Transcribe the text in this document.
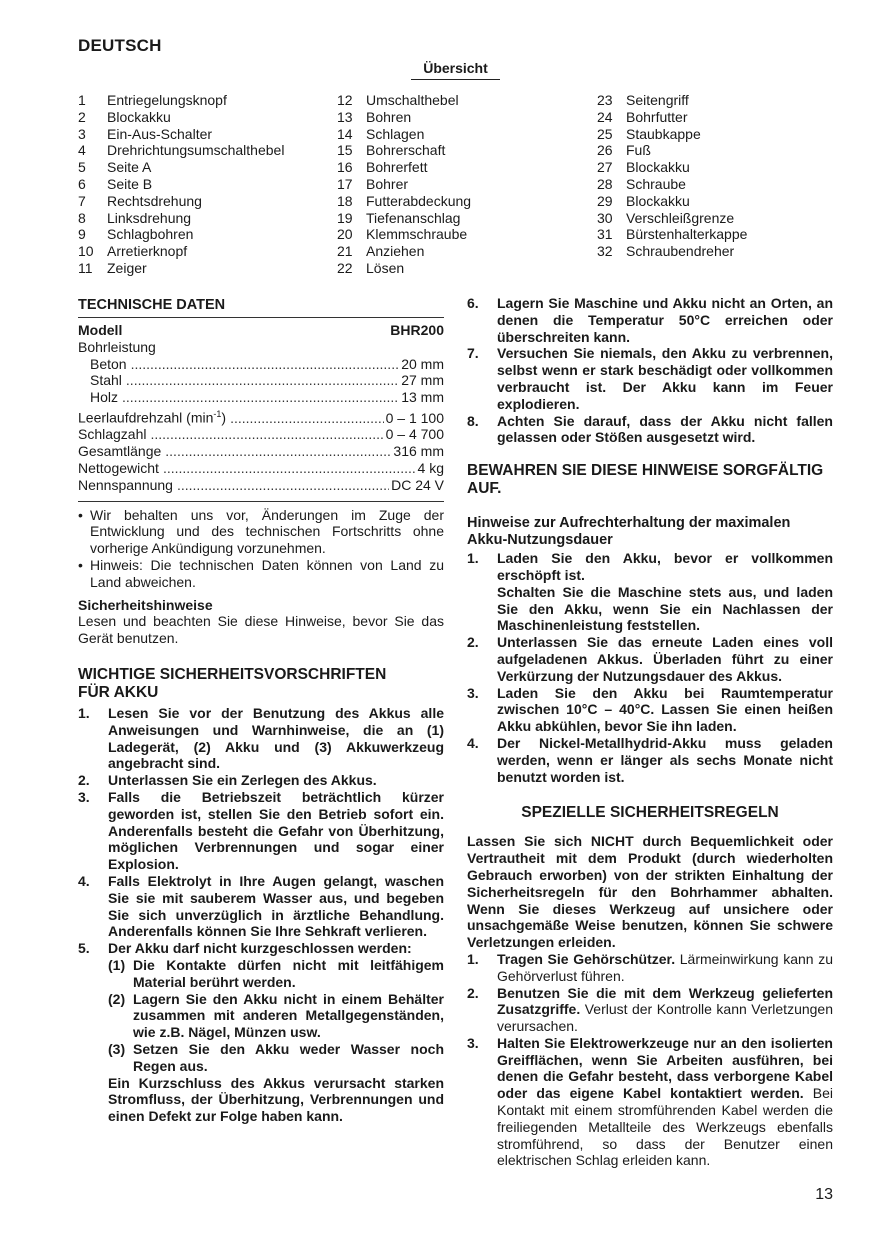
DEUTSCH
Übersicht
1	Entriegelungsknopf
2	Blockakku
3	Ein-Aus-Schalter
4	Drehrichtungsumschalthebel
5	Seite A
6	Seite B
7	Rechtsdrehung
8	Linksdrehung
9	Schlagbohren
10 Arretierknopf
11	Zeiger
12 Umschalthebel
13 Bohren
14 Schlagen
15 Bohrerschaft
16 Bohrerfett
17 Bohrer
18 Futterabdeckung
19 Tiefenanschlag
20 Klemmschraube
21 Anziehen
22 Lösen
23 Seitengriff
24 Bohrfutter
25 Staubkappe
26 Fuß
27 Blockakku
28 Schraube
29 Blockakku
30 Verschleißgrenze
31 Bürstenhalterkappe
32 Schraubendreher
TECHNISCHE DATEN
Modell	BHR200
Bohrleistung
Beton .....	20 mm
Stahl .....	27 mm
Holz .....	13 mm
Leerlaufdrehzahl $(\min^{-1})$ .....	0 – 1 100
Schlagzahl .....	0 – 4 700
Gesamtlänge .....	316 mm
Nettogewicht .....	4 kg
Nennspannung .....	DC 24 V
• Wir behalten uns vor, Änderungen im Zuge der Entwicklung und des technischen Fortschritts ohne vorherige Ankündigung vorzunehmen.
• Hinweis: Die technischen Daten können von Land zu Land abweichen.
Sicherheitshinweise
Lesen und beachten Sie diese Hinweise, bevor Sie das Gerät benutzen.
WICHTIGE SICHERHEITSVORSCHRIFTEN
FÜR AKKU
1.	Lesen Sie vor der Benutzung des Akkus alle Anweisungen und Warnhinweise, die an (1) Ladegerät, (2) Akku und (3) Akkuwerkzeug angebracht sind.
2.	Unterlassen Sie ein Zerlegen des Akkus.
3.	Falls die Betriebszeit beträchtlich kürzer geworden ist, stellen Sie den Betrieb sofort ein. Anderenfalls besteht die Gefahr von Überhitzung, möglichen Verbrennungen und sogar einer Explosion.
4.	Falls Elektrolyt in Ihre Augen gelangt, waschen Sie sie mit sauberem Wasser aus, und begeben Sie sich unverzüglich in ärztliche Behandlung. Anderenfalls können Sie Ihre Sehkraft verlieren.
5.	Der Akku darf nicht kurzgeschlossen werden:
(1) Die Kontakte dürfen nicht mit leitfähigem Material berührt werden.
(2) Lagern Sie den Akku nicht in einem Behälter zusammen mit anderen Metallgegenständen, wie z.B. Nägel, Münzen usw.
(3) Setzen Sie den Akku weder Wasser noch Regen aus.
Ein Kurzschluss des Akkus verursacht starken Stromfluss, der Überhitzung, Verbrennungen und einen Defekt zur Folge haben kann.
6.	Lagern Sie Maschine und Akku nicht an Orten, an denen die Temperatur 50°C erreichen oder überschreiten kann.
7.	Versuchen Sie niemals, den Akku zu verbrennen, selbst wenn er stark beschädigt oder vollkommen verbraucht ist. Der Akku kann im Feuer explodieren.
8.	Achten Sie darauf, dass der Akku nicht fallen gelassen oder Stößen ausgesetzt wird.
BEWAHREN SIE DIESE HINWEISE SORGFÄLTIG AUF.
Hinweise zur Aufrechterhaltung der maximalen Akku-Nutzungsdauer
1.	Laden Sie den Akku, bevor er vollkommen erschöpft ist.
Schalten Sie die Maschine stets aus, und laden Sie den Akku, wenn Sie ein Nachlassen der Maschinenleistung feststellen.
2.	Unterlassen Sie das erneute Laden eines voll aufgeladenen Akkus. Überladen führt zu einer Verkürzung der Nutzungsdauer des Akkus.
3.	Laden Sie den Akku bei Raumtemperatur zwischen 10°C – 40°C. Lassen Sie einen heißen Akku abkühlen, bevor Sie ihn laden.
4.	Der Nickel-Metallhydrid-Akku muss geladen werden, wenn er länger als sechs Monate nicht benutzt worden ist.
SPEZIELLE SICHERHEITSREGELN
Lassen Sie sich NICHT durch Bequemlichkeit oder Vertrautheit mit dem Produkt (durch wiederholten Gebrauch erworben) von der strikten Einhaltung der Sicherheitsregeln für den Bohrhammer abhalten. Wenn Sie dieses Werkzeug auf unsichere oder unsachgemäße Weise benutzen, können Sie schwere Verletzungen erleiden.
1.	Tragen Sie Gehörschützer. Lärmeinwirkung kann zu Gehörverlust führen.
2.	Benutzen Sie die mit dem Werkzeug gelieferten Zusatzgriffe. Verlust der Kontrolle kann Verletzungen verursachen.
3.	Halten Sie Elektrowerkzeuge nur an den isolierten Greifflächen, wenn Sie Arbeiten ausführen, bei denen die Gefahr besteht, dass verborgene Kabel oder das eigene Kabel kontaktiert werden. Bei Kontakt mit einem stromführenden Kabel werden die freiliegenden Metallteile des Werkzeugs ebenfalls stromführend, so dass der Benutzer einen elektrischen Schlag erleiden kann.
13
